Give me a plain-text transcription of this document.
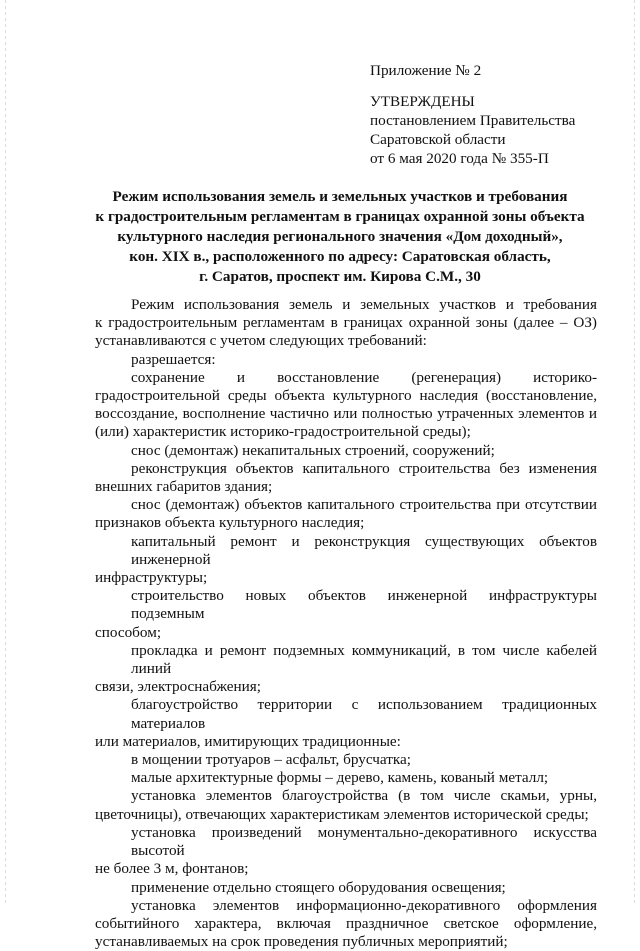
Приложение № 2
УТВЕРЖДЕНЫ
постановлением Правительства
Саратовской области
от 6 мая 2020 года № 355-П
Режим использования земель и земельных участков и требования
к градостроительным регламентам в границах охранной зоны объекта
культурного наследия регионального значения «Дом доходный»,
кон. XIX в., расположенного по адресу: Саратовская область,
г. Саратов, проспект им. Кирова С.М., 30
Режим использования земель и земельных участков и требования
к градостроительным регламентам в границах охранной зоны (далее – ОЗ) устанавливаются с учетом следующих требований:
разрешается:
сохранение и восстановление (регенерация) историко-
градостроительной среды объекта культурного наследия (восстановление, воссоздание, восполнение частично или полностью утраченных элементов и (или) характеристик историко-градостроительной среды);
снос (демонтаж) некапитальных строений, сооружений;
реконструкция объектов капитального строительства без изменения
внешних габаритов здания;
снос (демонтаж) объектов капитального строительства при отсутствии
признаков объекта культурного наследия;
капитальный ремонт и реконструкция существующих объектов инженерной
инфраструктуры;
строительство новых объектов инженерной инфраструктуры подземным
способом;
прокладка и ремонт подземных коммуникаций, в том числе кабелей линий
связи, электроснабжения;
благоустройство территории с использованием традиционных материалов
или материалов, имитирующих традиционные:
в мощении тротуаров – асфальт, брусчатка;
малые архитектурные формы – дерево, камень, кованый металл;
установка элементов благоустройства (в том числе скамьи, урны,
цветочницы), отвечающих характеристикам элементов исторической среды;
установка произведений монументально-декоративного искусства высотой
не более 3 м, фонтанов;
применение отдельно стоящего оборудования освещения;
установка элементов информационно-декоративного оформления
событийного характера, включая праздничное светское оформление, устанавливаемых на срок проведения публичных мероприятий;
